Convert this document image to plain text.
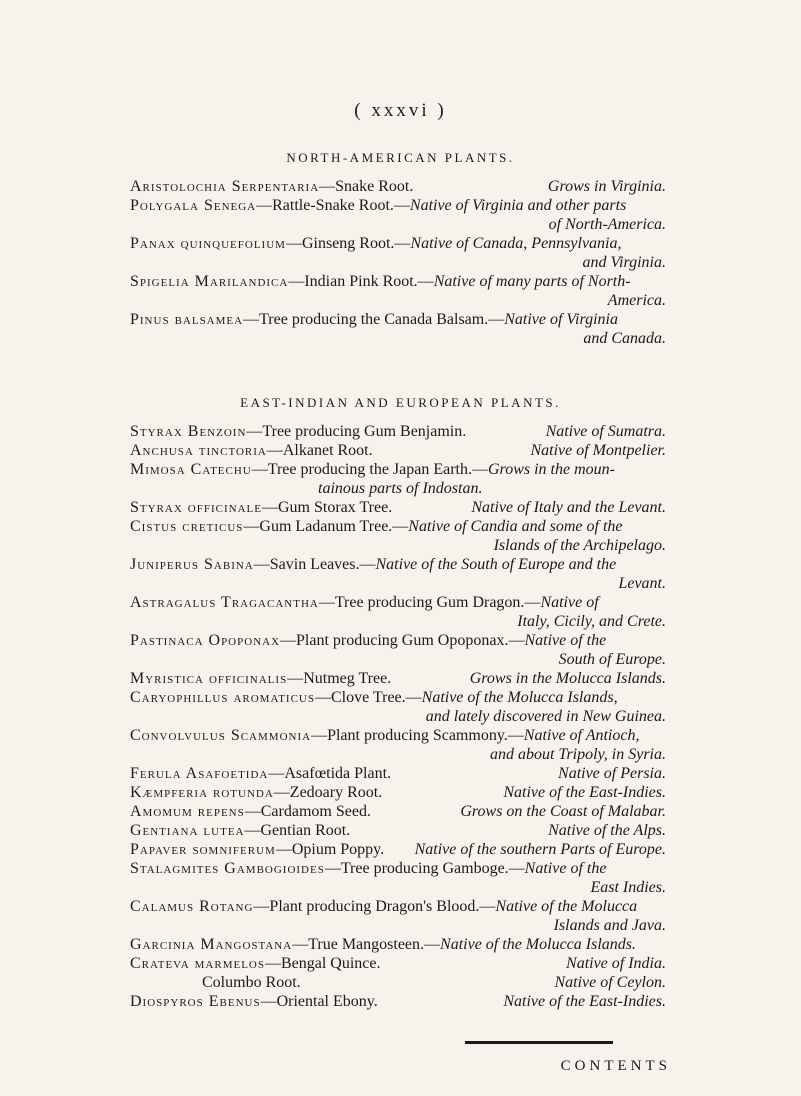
( xxxvi )
NORTH-AMERICAN PLANTS.
Aristolochia Serpentaria—Snake Root.	Grows in Virginia.
Polygala Senega—Rattle-Snake Root.—Native of Virginia and other parts
of North-America.
Panax quinquefolium—Ginseng Root.—Native of Canada, Pennsylvania,
and Virginia.
Spigelia Marilandica—Indian Pink Root.—Native of many parts of North-
America.
Pinus balsamea—Tree producing the Canada Balsam.—Native of Virginia
and Canada.
EAST-INDIAN AND EUROPEAN PLANTS.
Styrax Benzoin—Tree producing Gum Benjamin.	Native of Sumatra.
Anchusa tinctoria—Alkanet Root.	Native of Montpelier.
Mimosa Catechu—Tree producing the Japan Earth.—Grows in the moun-
tainous parts of Indostan.
Styrax officinale—Gum Storax Tree.	Native of Italy and the Levant.
Cistus creticus—Gum Ladanum Tree.—Native of Candia and some of the
Islands of the Archipelago.
Juniperus Sabina—Savin Leaves.—Native of the South of Europe and the
Levant.
Astragalus Tragacantha—Tree producing Gum Dragon.—Native of
Italy, Cicily, and Crete.
Pastinaca Opoponax—Plant producing Gum Opoponax.—Native of the
South of Europe.
Myristica officinalis—Nutmeg Tree.	Grows in the Molucca Islands.
Caryophillus aromaticus—Clove Tree.—Native of the Molucca Islands,
and lately discovered in New Guinea.
Convolvulus Scammonia—Plant producing Scammony.—Native of Antioch,
and about Tripoly, in Syria.
Ferula Asafoetida—Asafœtida Plant.	Native of Persia.
Kæmpferia rotunda—Zedoary Root.	Native of the East-Indies.
Amomum repens—Cardamom Seed.	Grows on the Coast of Malabar.
Gentiana lutea—Gentian Root.	Native of the Alps.
Papaver somniferum—Opium Poppy. Native of the southern Parts of Europe.
Stalagmites Gambogioides—Tree producing Gamboge.—Native of the
East Indies.
Calamus Rotang—Plant producing Dragon's Blood.—Native of the Molucca
Islands and Java.
Garcinia Mangostana—True Mangosteen.—Native of the Molucca Islands.
Crateva marmelos—Bengal Quince.	Native of India.
Columbo Root.	Native of Ceylon.
Diospyros Ebenus—Oriental Ebony.	Native of the East-Indies.
CONTENTS
